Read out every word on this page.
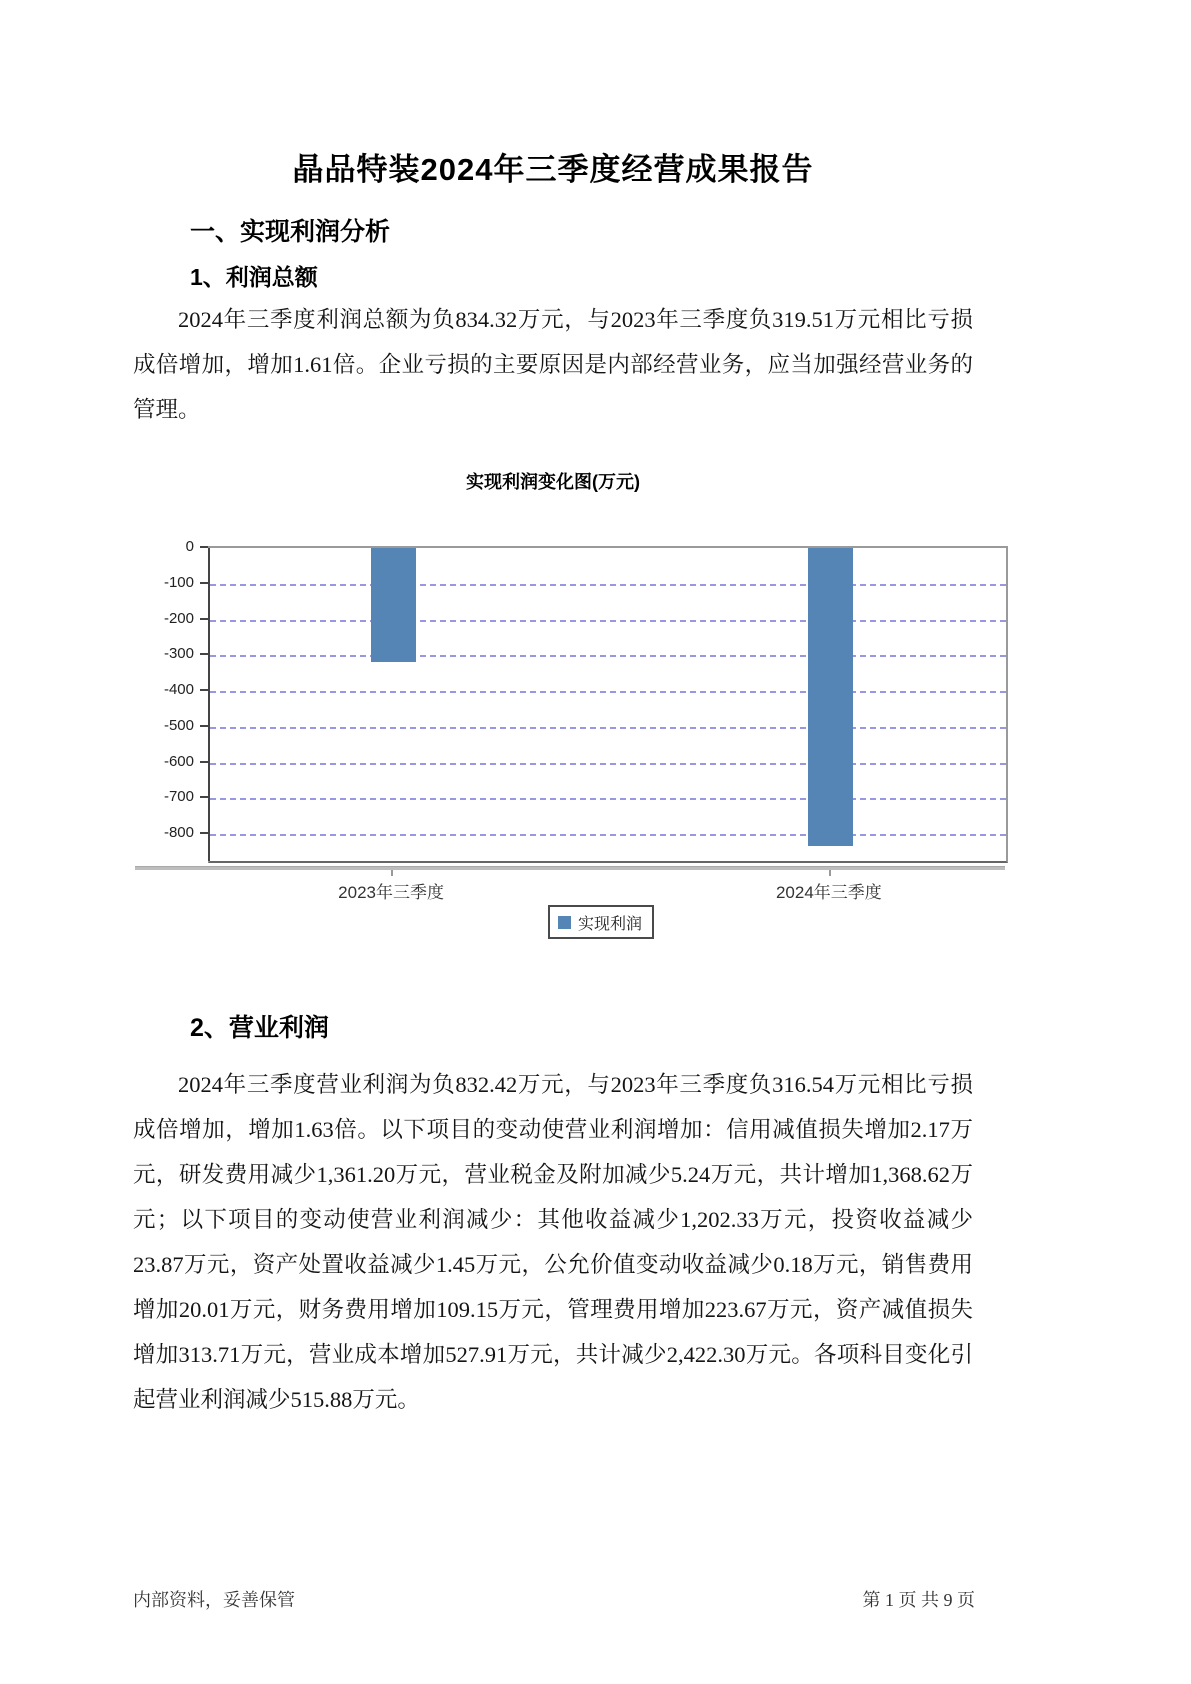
晶品特装2024年三季度经营成果报告
一、实现利润分析
1、利润总额

2024年三季度利润总额为负834.32万元，与2023年三季度负319.51万元相比亏损成倍增加，增加1.61倍。企业亏损的主要原因是内部经营业务，应当加强经营业务的管理。

实现利润变化图(万元)
实现利润
0
-100
-200
-300
-400
-500
-600
-700
-800
2023年三季度	2024年三季度
2、营业利润

2024年三季度营业利润为负832.42万元，与2023年三季度负316.54万元相比亏损成倍增加，增加1.63倍。以下项目的变动使营业利润增加：信用减值损失增加2.17万元，研发费用减少1,361.20万元，营业税金及附加减少5.24万元，共计增加1,368.62万元；以下项目的变动使营业利润减少：其他收益减少1,202.33万元，投资收益减少23.87万元，资产处置收益减少1.45万元，公允价值变动收益减少0.18万元，销售费用增加20.01万元，财务费用增加109.15万元，管理费用增加223.67万元，资产减值损失增加313.71万元，营业成本增加527.91万元，共计减少2,422.30万元。各项科目变化引起营业利润减少515.88万元。

内部资料，妥善保管	第 1 页 共 9 页
